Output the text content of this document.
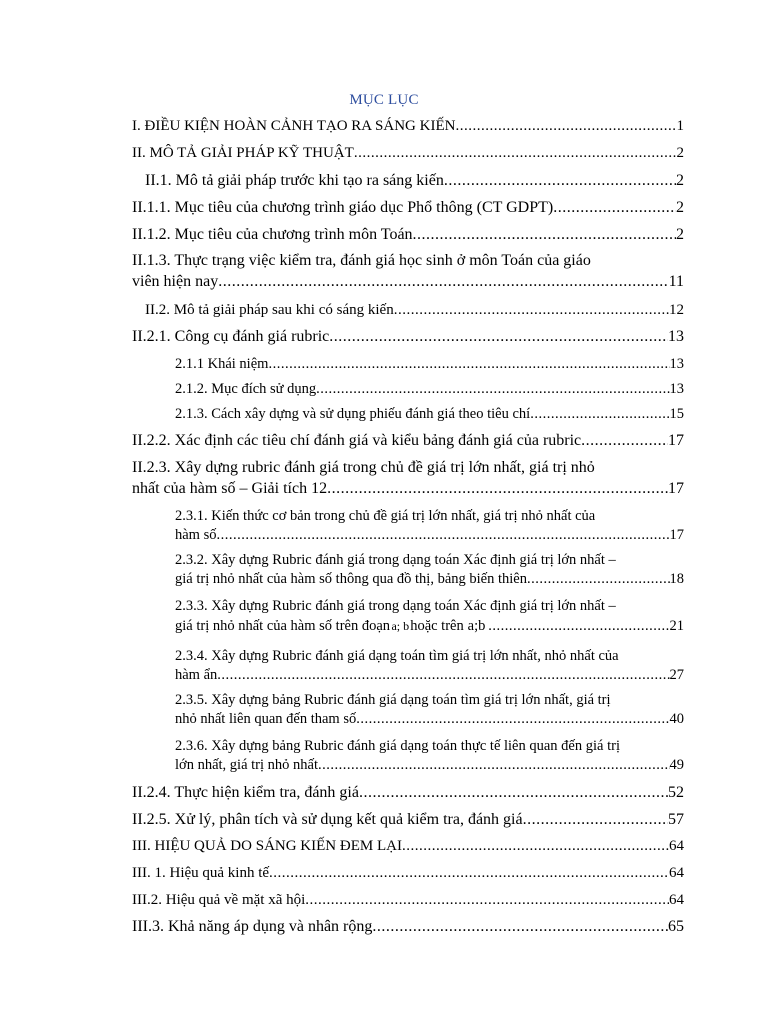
MỤC LỤC
I. ĐIỀU KIỆN HOÀN CẢNH TẠO RA SÁNG KIẾN .....	1
II. MÔ TẢ GIẢI PHÁP KỸ THUẬT .....	2
II.1. Mô tả giải pháp trước khi tạo ra sáng kiến .....	2
II.1.1. Mục tiêu của chương trình giáo dục Phổ thông (CT GDPT) .....	2
II.1.2. Mục tiêu của chương trình môn Toán .....	2
II.1.3. Thực trạng việc kiểm tra, đánh giá học sinh ở môn Toán của giáo
viên hiện nay .....	11
II.2. Mô tả giải pháp sau khi có sáng kiến .....	12
II.2.1. Công cụ đánh giá rubric .....	13
2.1.1 Khái niệm .....	13
2.1.2. Mục đích sử dụng .....	13
2.1.3. Cách xây dựng và sử dụng phiếu đánh giá theo tiêu chí .....	15
II.2.2. Xác định các tiêu chí đánh giá và kiểu bảng đánh giá của rubric .....	17
II.2.3. Xây dựng rubric đánh giá trong chủ đề giá trị lớn nhất, giá trị nhỏ
nhất của hàm số – Giải tích 12 .....	17
2.3.1. Kiến thức cơ bản trong chủ đề giá trị lớn nhất, giá trị nhỏ nhất của
hàm số .....	17
2.3.2. Xây dựng Rubric đánh giá trong dạng toán Xác định giá trị lớn nhất –
giá trị nhỏ nhất của hàm số thông qua đồ thị, bảng biến thiên .....	18
2.3.3. Xây dựng Rubric đánh giá trong dạng toán Xác định giá trị lớn nhất –
giá trị nhỏ nhất của hàm số trên đoạn a; b hoặc trên a;b .....	21
2.3.4. Xây dựng Rubric đánh giá dạng toán tìm giá trị lớn nhất, nhỏ nhất của
hàm ẩn .....	27
2.3.5. Xây dựng bảng Rubric đánh giá dạng toán tìm giá trị lớn nhất, giá trị
nhỏ nhất liên quan đến tham số .....	40
2.3.6. Xây dựng bảng Rubric đánh giá dạng toán thực tế liên quan đến giá trị
lớn nhất, giá trị nhỏ nhất .....	49
II.2.4. Thực hiện kiểm tra, đánh giá .....	52
II.2.5. Xử lý, phân tích và sử dụng kết quả kiểm tra, đánh giá .....	57
III. HIỆU QUẢ DO SÁNG KIẾN ĐEM LẠI .....	64
III. 1. Hiệu quả kinh tế .....	64
III.2. Hiệu quả về mặt xã hội .....	64
III.3. Khả năng áp dụng và nhân rộng .....	65
